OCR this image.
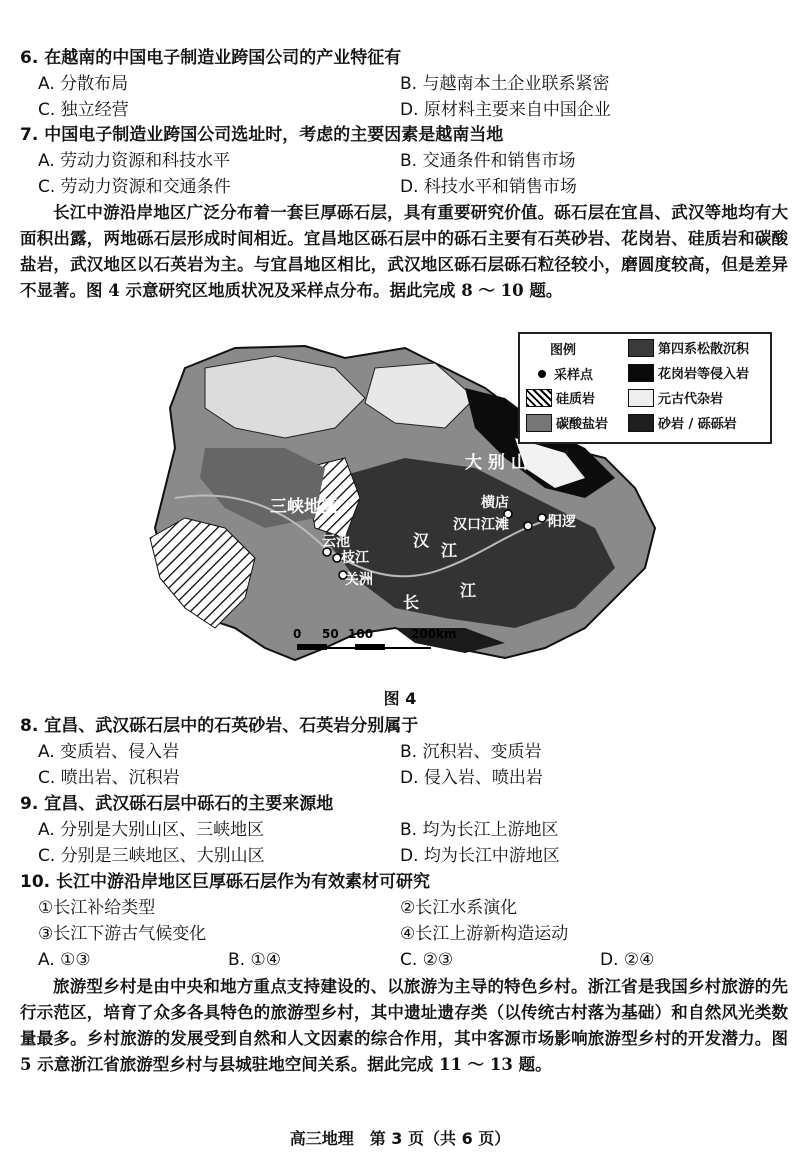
6. 在越南的中国电子制造业跨国公司的产业特征有
A. 分散布局	B. 与越南本土企业联系紧密
C. 独立经营	D. 原材料主要来自中国企业
7. 中国电子制造业跨国公司选址时，考虑的主要因素是越南当地
A. 劳动力资源和科技水平	B. 交通条件和销售市场
C. 劳动力资源和交通条件	D. 科技水平和销售市场

长江中游沿岸地区广泛分布着一套巨厚砾石层，具有重要研究价值。砾石层在宜昌、武汉等地均有大面积出露，两地砾石层形成时间相近。宜昌地区砾石层中的砾石主要有石英砂岩、花岗岩、硅质岩和碳酸盐岩，武汉地区以石英岩为主。与宜昌地区相比，武汉地区砾石层砾石粒径较小，磨圆度较高，但是差异不显著。图 4 示意研究区地质状况及采样点分布。据此完成 8 ～ 10 题。

三峡地区
大 别 山
横店
汉口江滩	阳逻
汉
江
云池
枝江
关洲
长
江
0 50 100	200km
图例	第四系松散沉积
采样点	花岗岩等侵入岩
硅质岩	元古代杂岩
碳酸盐岩	砂岩 / 砾砾岩
图 4
8. 宜昌、武汉砾石层中的石英砂岩、石英岩分别属于
A. 变质岩、侵入岩	B. 沉积岩、变质岩
C. 喷出岩、沉积岩	D. 侵入岩、喷出岩
9. 宜昌、武汉砾石层中砾石的主要来源地
A. 分别是大别山区、三峡地区	B. 均为长江上游地区
C. 分别是三峡地区、大别山区	D. 均为长江中游地区
10. 长江中游沿岸地区巨厚砾石层作为有效素材可研究
①长江补给类型	②长江水系演化
③长江下游古气候变化	④长江上游新构造运动
A. ①③	B. ①④	C. ②③	D. ②④

旅游型乡村是由中央和地方重点支持建设的、以旅游为主导的特色乡村。浙江省是我国乡村旅游的先行示范区，培育了众多各具特色的旅游型乡村，其中遗址遗存类（以传统古村落为基础）和自然风光类数量最多。乡村旅游的发展受到自然和人文因素的综合作用，其中客源市场影响旅游型乡村的开发潜力。图 5 示意浙江省旅游型乡村与县城驻地空间关系。据此完成 11 ～ 13 题。

高三地理　第 3 页（共 6 页）
